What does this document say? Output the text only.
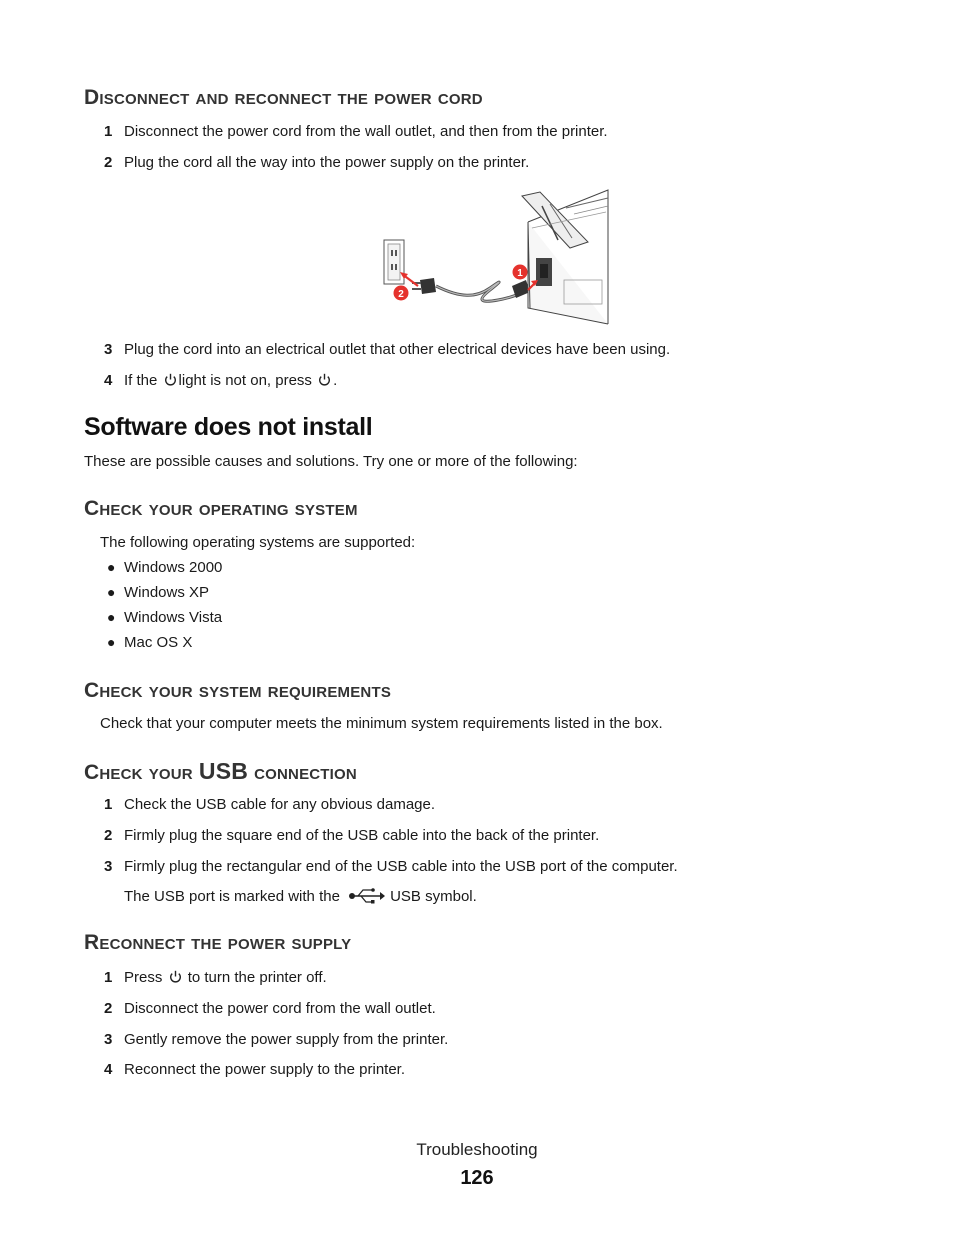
Disconnect and reconnect the power cord
1 Disconnect the power cord from the wall outlet, and then from the printer.
2 Plug the cord all the way into the power supply on the printer.
1
2
3 Plug the cord into an electrical outlet that other electrical devices have been using.
4 If the light is not on, press .
Software does not install
These are possible causes and solutions. Try one or more of the following:
Check your operating system
The following operating systems are supported:
● Windows 2000
● Windows XP
● Windows Vista
● Mac OS X
Check your system requirements
Check that your computer meets the minimum system requirements listed in the box.
Check your USB connection
1 Check the USB cable for any obvious damage.
2 Firmly plug the square end of the USB cable into the back of the printer.
3 Firmly plug the rectangular end of the USB cable into the USB port of the computer.
The USB port is marked with the	USB symbol.
Reconnect the power supply
1 Press to turn the printer off.
2 Disconnect the power cord from the wall outlet.
3 Gently remove the power supply from the printer.
4 Reconnect the power supply to the printer.
Troubleshooting
126
